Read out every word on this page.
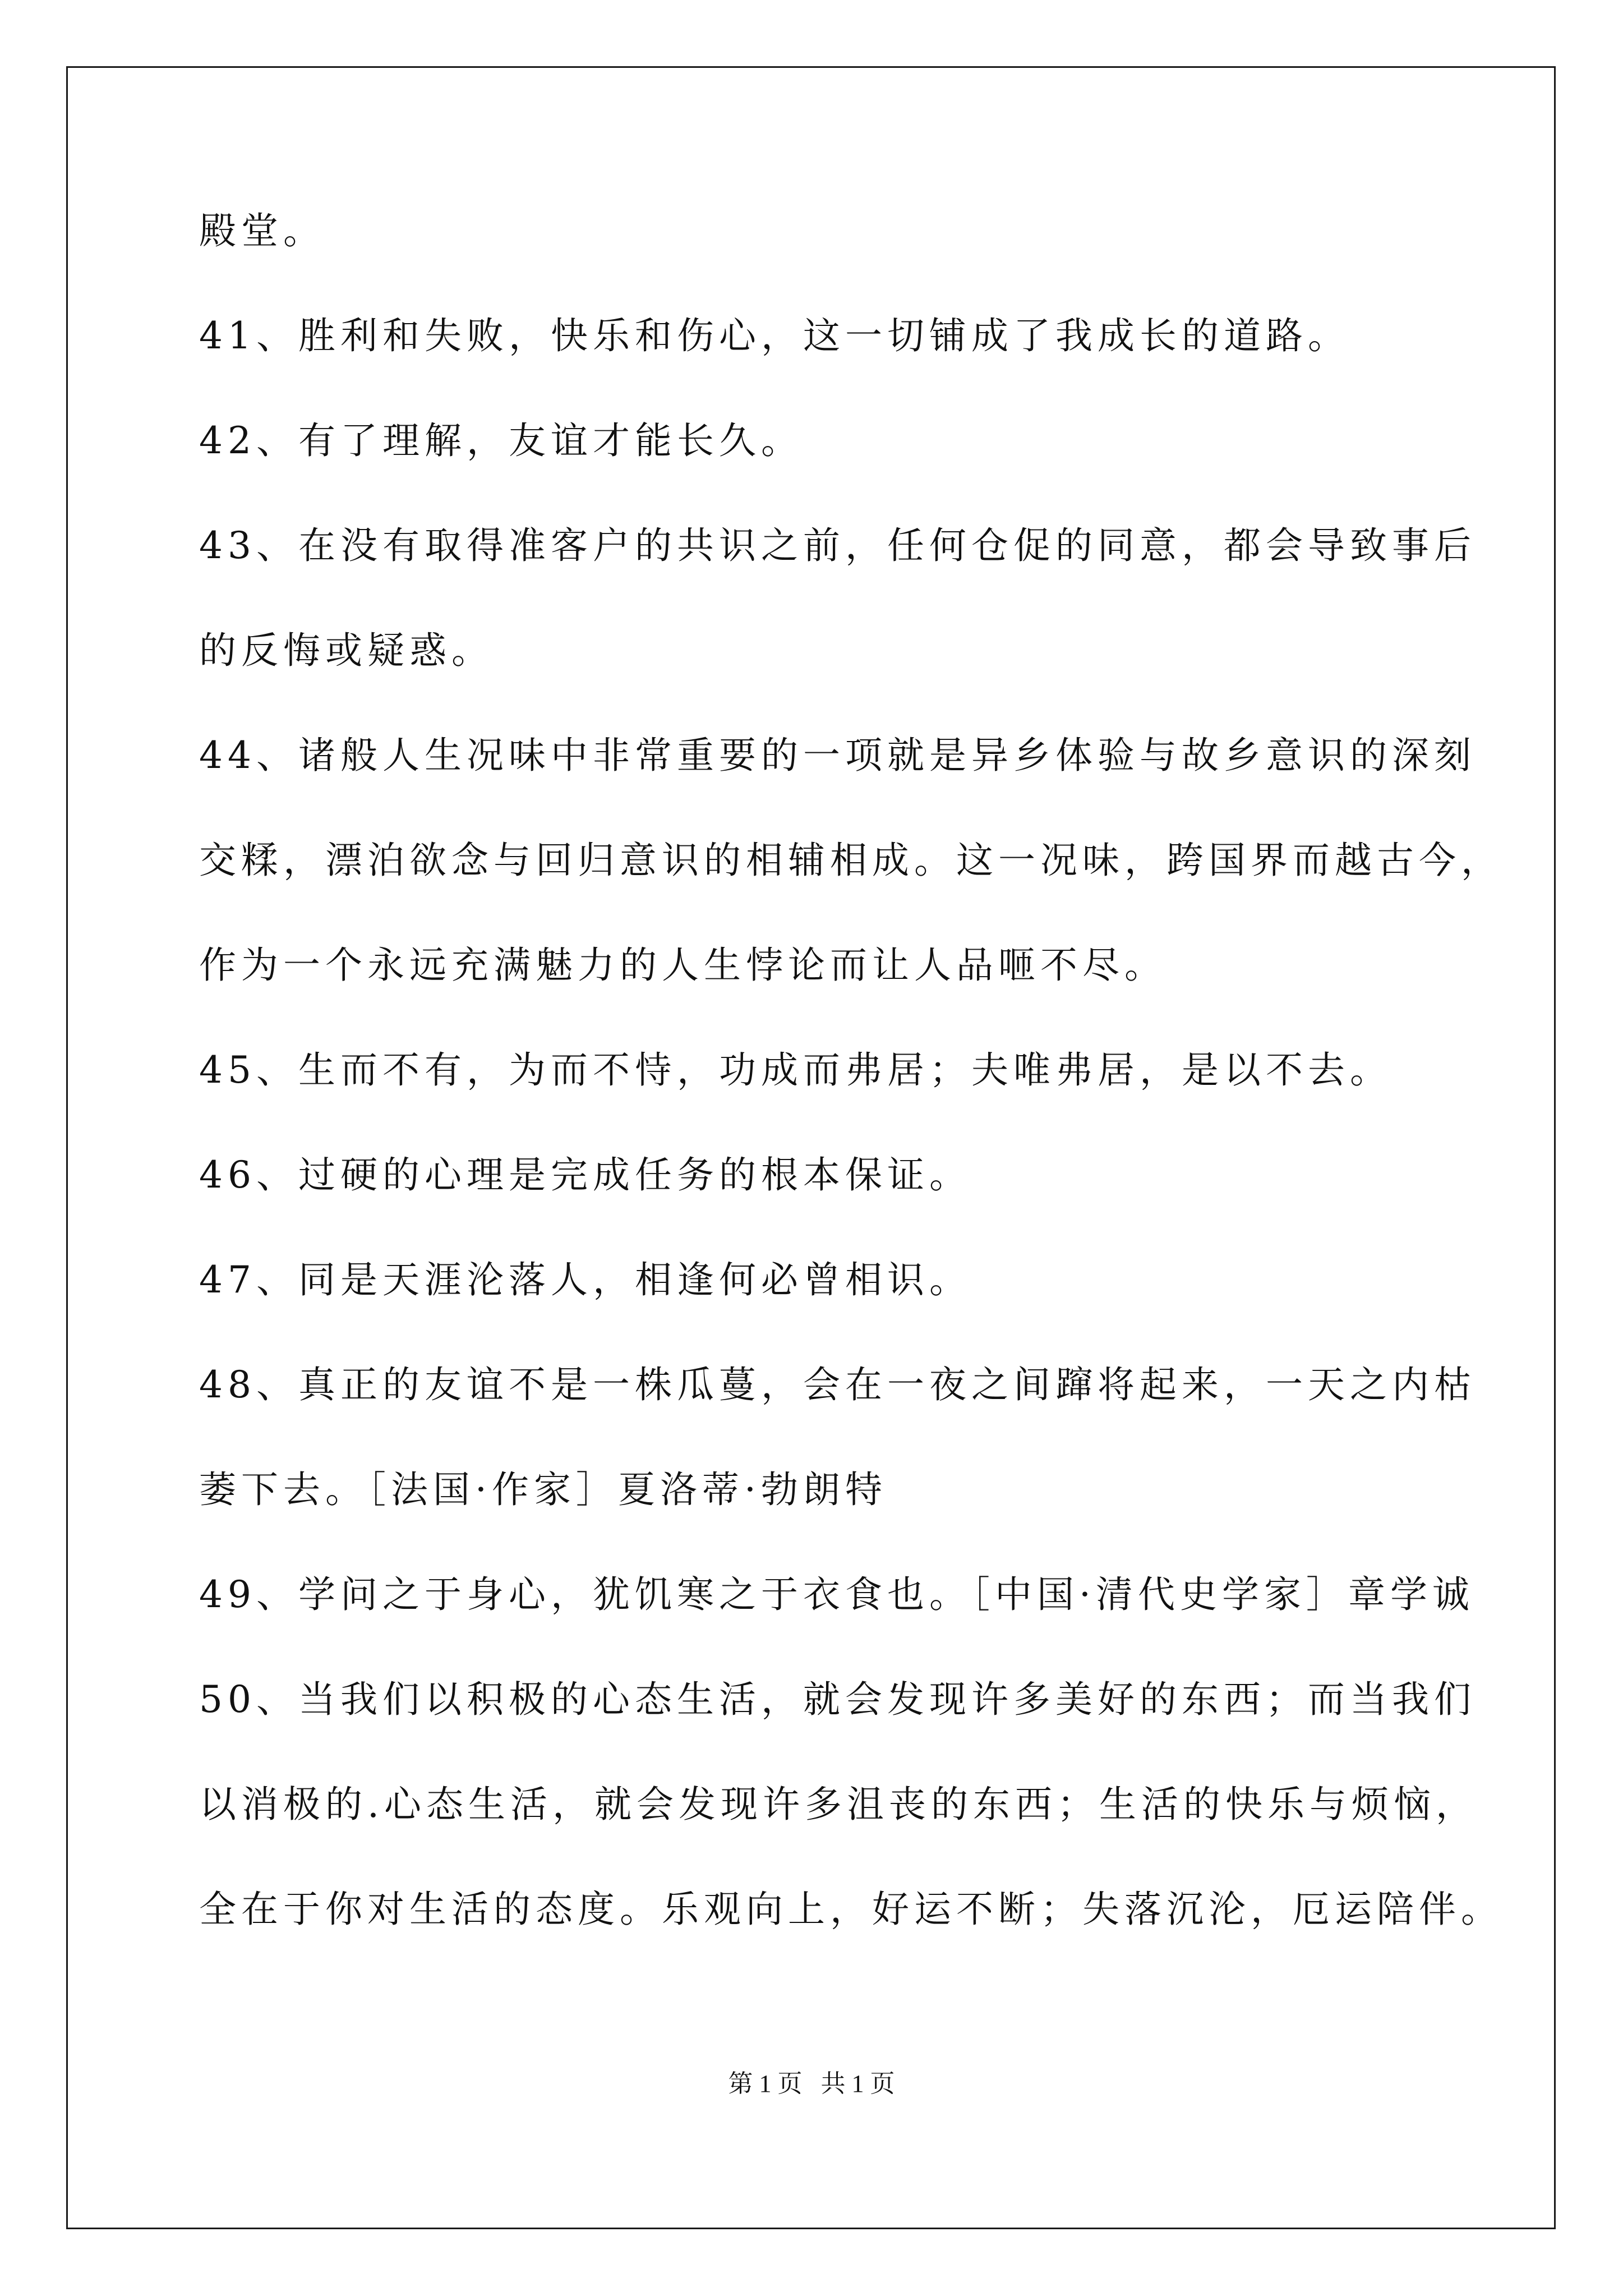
殿堂。
41、胜利和失败，快乐和伤心，这一切铺成了我成长的道路。
42、有了理解，友谊才能长久。
43、在没有取得准客户的共识之前，任何仓促的同意，都会导致事后
的反悔或疑惑。
44、诸般人生况味中非常重要的一项就是异乡体验与故乡意识的深刻
交糅，漂泊欲念与回归意识的相辅相成。这一况味，跨国界而越古今，
作为一个永远充满魅力的人生悖论而让人品咂不尽。
45、生而不有，为而不恃，功成而弗居；夫唯弗居，是以不去。
46、过硬的心理是完成任务的根本保证。
47、同是天涯沦落人，相逢何必曾相识。
48、真正的友谊不是一株瓜蔓，会在一夜之间蹿将起来，一天之内枯
萎下去。［法国·作家］夏洛蒂·勃朗特
49、学问之于身心，犹饥寒之于衣食也。［中国·清代史学家］章学诚
50、当我们以积极的心态生活，就会发现许多美好的东西；而当我们
以消极的.心态生活，就会发现许多沮丧的东西；生活的快乐与烦恼，
全在于你对生活的态度。乐观向上，好运不断；失落沉沦，厄运陪伴。
第 1 页   共 1 页
